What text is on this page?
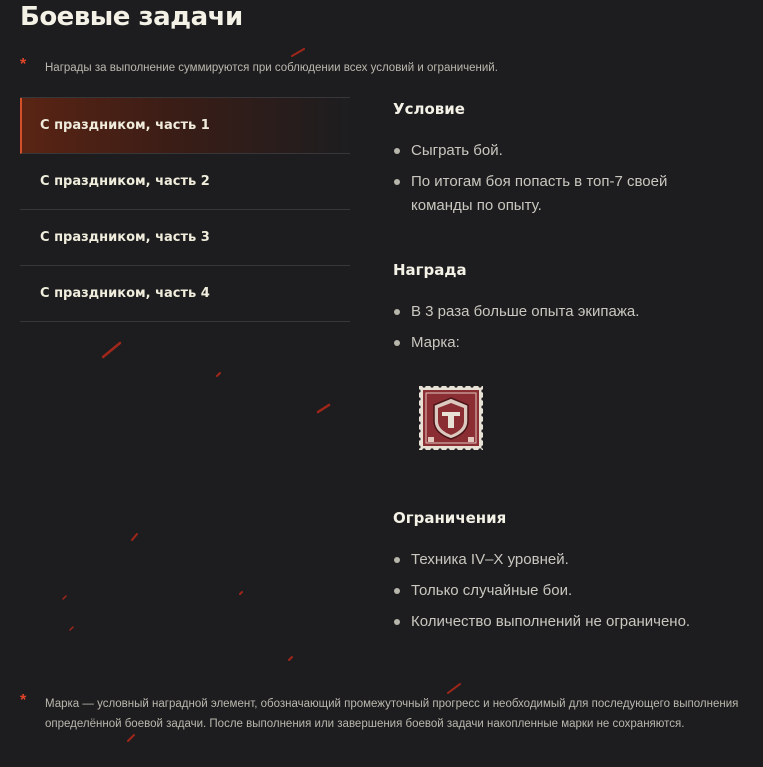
Боевые задачи
*	Награды за выполнение суммируются при соблюдении всех условий и ограничений.
С праздником, часть 1
С праздником, часть 2
С праздником, часть 3
С праздником, часть 4
Условие
Сыграть бой.
По итогам боя попасть в топ-7 своей команды по опыту.
Награда
В 3 раза больше опыта экипажа.
Марка:
Ограничения
Техника IV–X уровней.
Только случайные бои.
Количество выполнений не ограничено.
*	Марка — условный наградной элемент, обозначающий промежуточный прогресс и необходимый для последующего выполнения определённой боевой задачи. После выполнения или завершения боевой задачи накопленные марки не сохраняются.
